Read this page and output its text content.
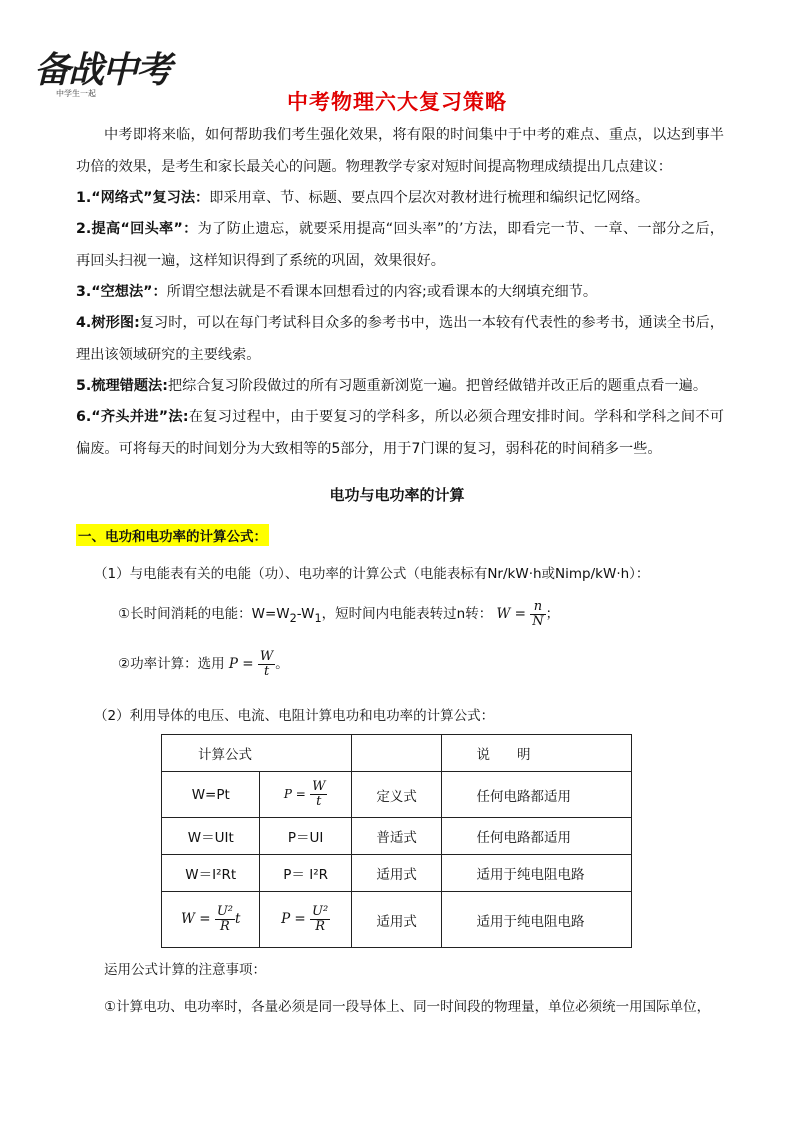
备战中考
中学生一起	中考物理六大复习策略

中考即将来临，如何帮助我们考生强化效果，将有限的时间集中于中考的难点、重点，以达到事半功倍的效果，是考生和家长最关心的问题。物理教学专家对短时间提高物理成绩提出几点建议：

1.“网络式”复习法：即采用章、节、标题、要点四个层次对教材进行梳理和编织记忆网络。

2.提高“回头率”：为了防止遗忘，就要采用提高“回头率”的’方法，即看完一节、一章、一部分之后，再回头扫视一遍，这样知识得到了系统的巩固，效果很好。

3.“空想法”：所谓空想法就是不看课本回想看过的内容;或看课本的大纲填充细节。

4.树形图:复习时，可以在每门考试科目众多的参考书中，选出一本较有代表性的参考书，通读全书后，理出该领域研究的主要线索。

5.梳理错题法:把综合复习阶段做过的所有习题重新浏览一遍。把曾经做错并改正后的题重点看一遍。

6.“齐头并进”法:在复习过程中，由于要复习的学科多，所以必须合理安排时间。学科和学科之间不可偏废。可将每天的时间划分为大致相等的5部分，用于7门课的复习，弱科花的时间稍多一些。

电功与电功率的计算
一、电功和电功率的计算公式：
（1）与电能表有关的电能（功）、电功率的计算公式（电能表标有Nr/kW·h或Nimp/kW·h）：
①长时间消耗的电能：$W=W_2-W_1$，短时间内电能表转过n转： $W = \frac{n}{N}$ ；
②功率计算：选用 $P = \frac{W}{t}$ 。
（2）利用导体的电压、电流、电阻计算电功和电功率的计算公式：
计算公式			说　　明
W=Pt	$P = \frac{W}{t}$	定义式	任何电路都适用
W＝UIt	P＝UI	普适式	任何电路都适用
W＝I²Rt	P＝ I²R	适用式	适用于纯电阻电路
$W = \frac{\text{U²}}{R}$ t	$P = \frac{\text{U²}}{R}$	适用式	适用于纯电阻电路
运用公式计算的注意事项：
①计算电功、电功率时，各量必须是同一段导体上、同一时间段的物理量，单位必须统一用国际单位，
